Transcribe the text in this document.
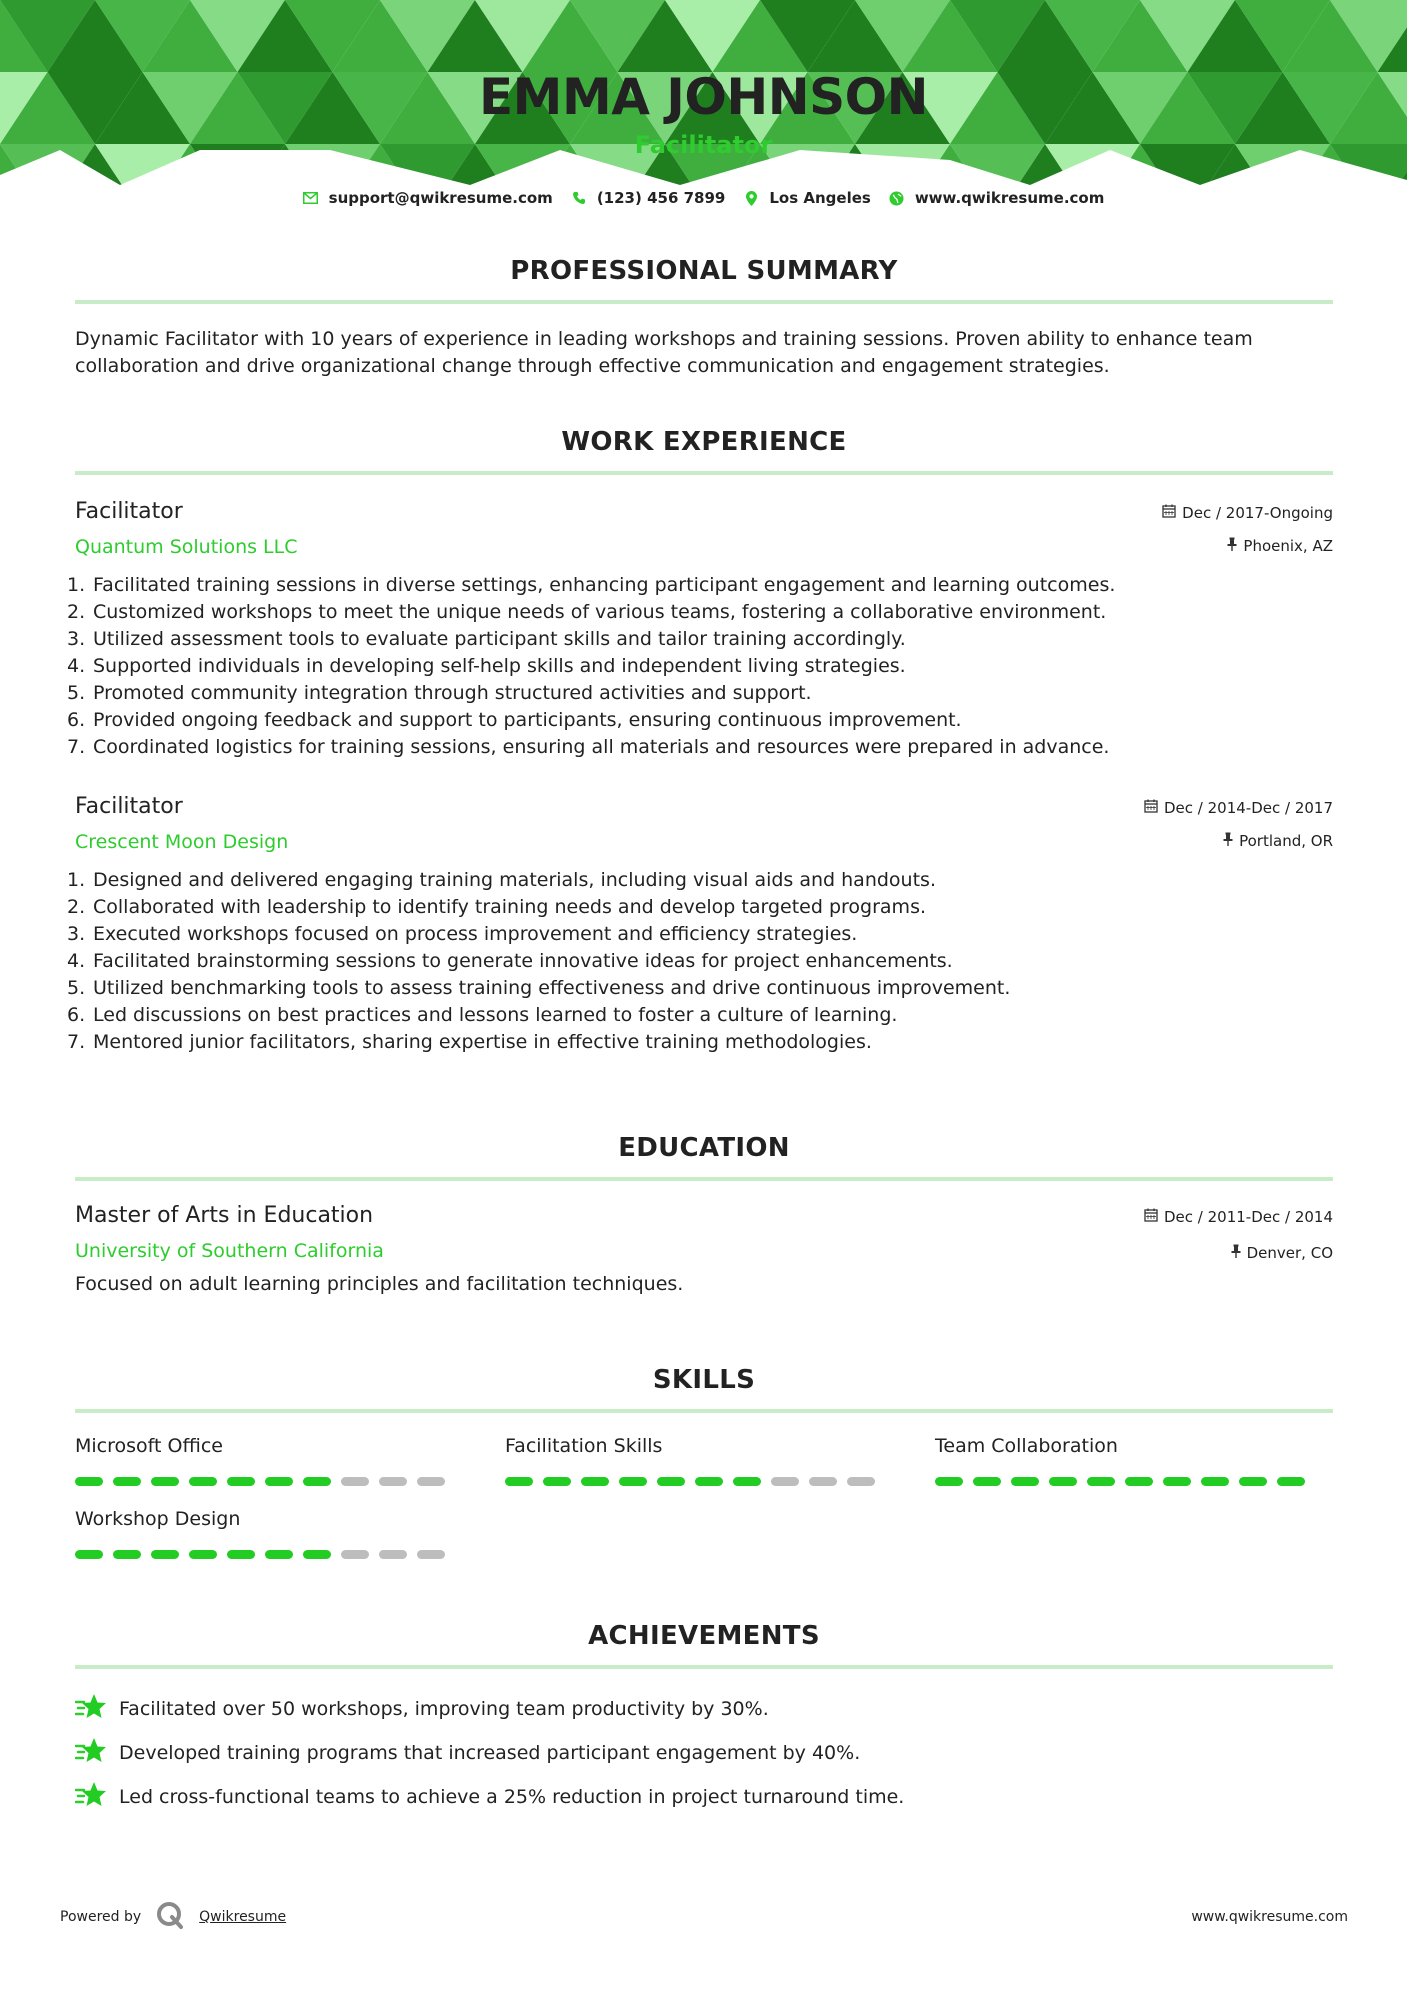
EMMA JOHNSON
Facilitator
support@qwikresume.com	(123) 456 7899	Los Angeles	www.qwikresume.com
PROFESSIONAL SUMMARY
Dynamic Facilitator with 10 years of experience in leading workshops and training sessions. Proven ability to enhance team
collaboration and drive organizational change through effective communication and engagement strategies.
WORK EXPERIENCE
Facilitator
Quantum Solutions LLC
Dec / 2017-Ongoing
Phoenix, AZ
1. Facilitated training sessions in diverse settings, enhancing participant engagement and learning outcomes.
2. Customized workshops to meet the unique needs of various teams, fostering a collaborative environment.
3. Utilized assessment tools to evaluate participant skills and tailor training accordingly.
4. Supported individuals in developing self-help skills and independent living strategies.
5. Promoted community integration through structured activities and support.
6. Provided ongoing feedback and support to participants, ensuring continuous improvement.
7. Coordinated logistics for training sessions, ensuring all materials and resources were prepared in advance.
Facilitator
Crescent Moon Design
Dec / 2014-Dec / 2017
Portland, OR
1. Designed and delivered engaging training materials, including visual aids and handouts.
2. Collaborated with leadership to identify training needs and develop targeted programs.
3. Executed workshops focused on process improvement and efficiency strategies.
4. Facilitated brainstorming sessions to generate innovative ideas for project enhancements.
5. Utilized benchmarking tools to assess training effectiveness and drive continuous improvement.
6. Led discussions on best practices and lessons learned to foster a culture of learning.
7. Mentored junior facilitators, sharing expertise in effective training methodologies.
EDUCATION
Master of Arts in Education
University of Southern California
Dec / 2011-Dec / 2014
Denver, CO
Focused on adult learning principles and facilitation techniques.
SKILLS
Microsoft Office	Facilitation Skills	Team Collaboration
Workshop Design
ACHIEVEMENTS
Facilitated over 50 workshops, improving team productivity by 30%.
Developed training programs that increased participant engagement by 40%.
Led cross-functional teams to achieve a 25% reduction in project turnaround time.
Powered by	Qwikresume	www.qwikresume.com
